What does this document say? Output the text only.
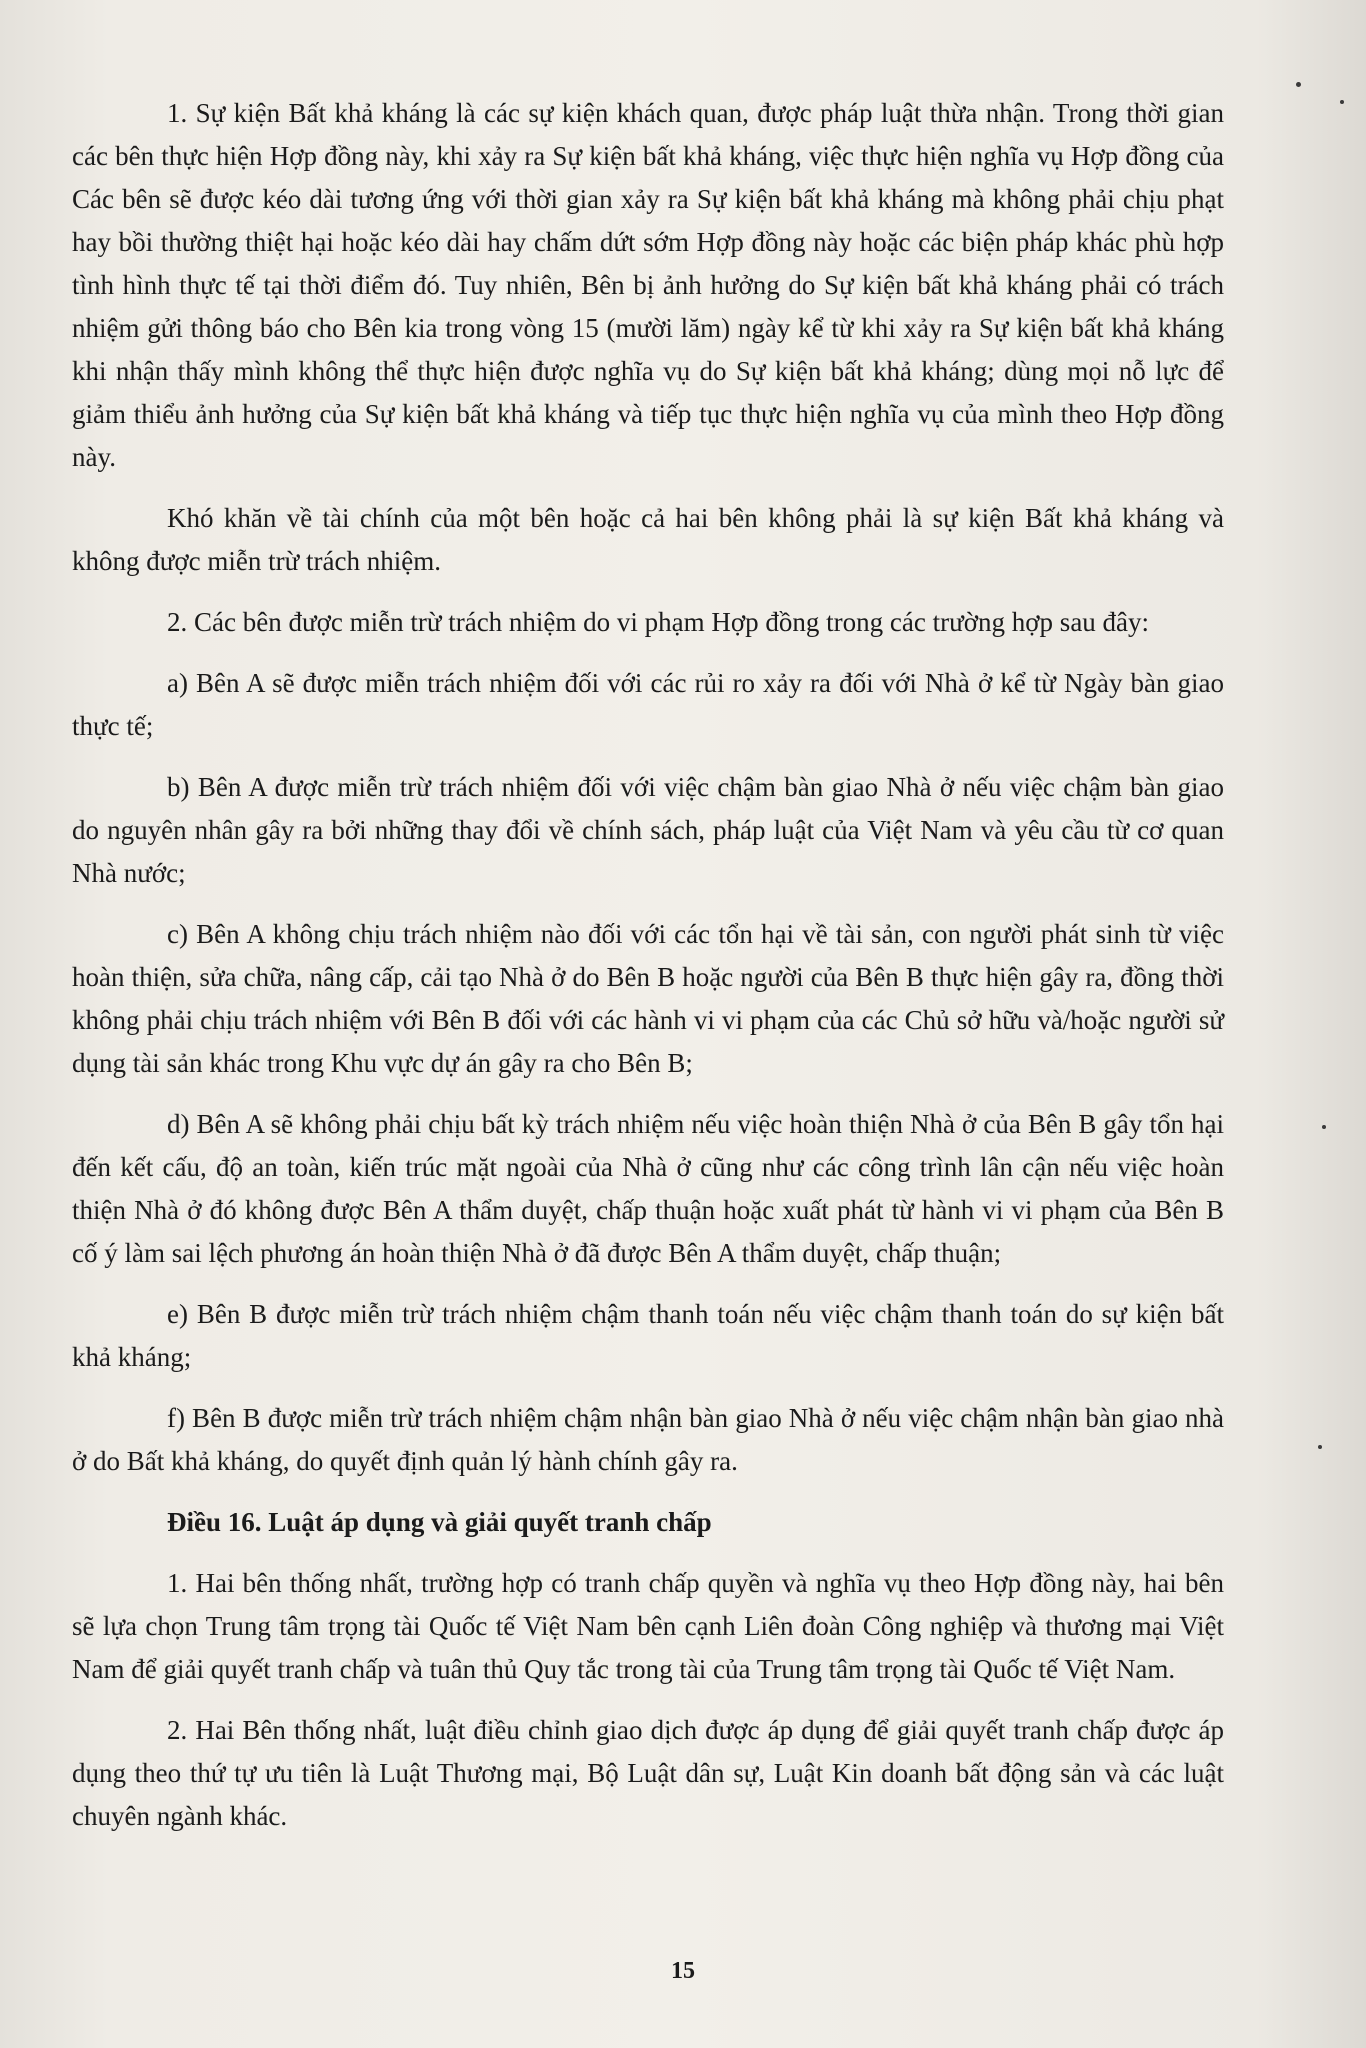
1. Sự kiện Bất khả kháng là các sự kiện khách quan, được pháp luật thừa nhận. Trong thời gian các bên thực hiện Hợp đồng này, khi xảy ra Sự kiện bất khả kháng, việc thực hiện nghĩa vụ Hợp đồng của Các bên sẽ được kéo dài tương ứng với thời gian xảy ra Sự kiện bất khả kháng mà không phải chịu phạt hay bồi thường thiệt hại hoặc kéo dài hay chấm dứt sớm Hợp đồng này hoặc các biện pháp khác phù hợp tình hình thực tế tại thời điểm đó. Tuy nhiên, Bên bị ảnh hưởng do Sự kiện bất khả kháng phải có trách nhiệm gửi thông báo cho Bên kia trong vòng 15 (mười lăm) ngày kể từ khi xảy ra Sự kiện bất khả kháng khi nhận thấy mình không thể thực hiện được nghĩa vụ do Sự kiện bất khả kháng; dùng mọi nỗ lực để giảm thiểu ảnh hưởng của Sự kiện bất khả kháng và tiếp tục thực hiện nghĩa vụ của mình theo Hợp đồng này.

Khó khăn về tài chính của một bên hoặc cả hai bên không phải là sự kiện Bất khả kháng và không được miễn trừ trách nhiệm.

2. Các bên được miễn trừ trách nhiệm do vi phạm Hợp đồng trong các trường hợp sau đây:

a) Bên A sẽ được miễn trách nhiệm đối với các rủi ro xảy ra đối với Nhà ở kể từ Ngày bàn giao thực tế;

b) Bên A được miễn trừ trách nhiệm đối với việc chậm bàn giao Nhà ở nếu việc chậm bàn giao do nguyên nhân gây ra bởi những thay đổi về chính sách, pháp luật của Việt Nam và yêu cầu từ cơ quan Nhà nước;

c) Bên A không chịu trách nhiệm nào đối với các tổn hại về tài sản, con người phát sinh từ việc hoàn thiện, sửa chữa, nâng cấp, cải tạo Nhà ở do Bên B hoặc người của Bên B thực hiện gây ra, đồng thời không phải chịu trách nhiệm với Bên B đối với các hành vi vi phạm của các Chủ sở hữu và/hoặc người sử dụng tài sản khác trong Khu vực dự án gây ra cho Bên B;

d) Bên A sẽ không phải chịu bất kỳ trách nhiệm nếu việc hoàn thiện Nhà ở của Bên B gây tổn hại đến kết cấu, độ an toàn, kiến trúc mặt ngoài của Nhà ở cũng như các công trình lân cận nếu việc hoàn thiện Nhà ở đó không được Bên A thẩm duyệt, chấp thuận hoặc xuất phát từ hành vi vi phạm của Bên B cố ý làm sai lệch phương án hoàn thiện Nhà ở đã được Bên A thẩm duyệt, chấp thuận;

e) Bên B được miễn trừ trách nhiệm chậm thanh toán nếu việc chậm thanh toán do sự kiện bất khả kháng;

f) Bên B được miễn trừ trách nhiệm chậm nhận bàn giao Nhà ở nếu việc chậm nhận bàn giao nhà ở do Bất khả kháng, do quyết định quản lý hành chính gây ra.

Điều 16. Luật áp dụng và giải quyết tranh chấp

1. Hai bên thống nhất, trường hợp có tranh chấp quyền và nghĩa vụ theo Hợp đồng này, hai bên sẽ lựa chọn Trung tâm trọng tài Quốc tế Việt Nam bên cạnh Liên đoàn Công nghiệp và thương mại Việt Nam để giải quyết tranh chấp và tuân thủ Quy tắc trong tài của Trung tâm trọng tài Quốc tế Việt Nam.

2. Hai Bên thống nhất, luật điều chỉnh giao dịch được áp dụng để giải quyết tranh chấp được áp dụng theo thứ tự ưu tiên là Luật Thương mại, Bộ Luật dân sự, Luật Kin doanh bất động sản và các luật chuyên ngành khác.

15
